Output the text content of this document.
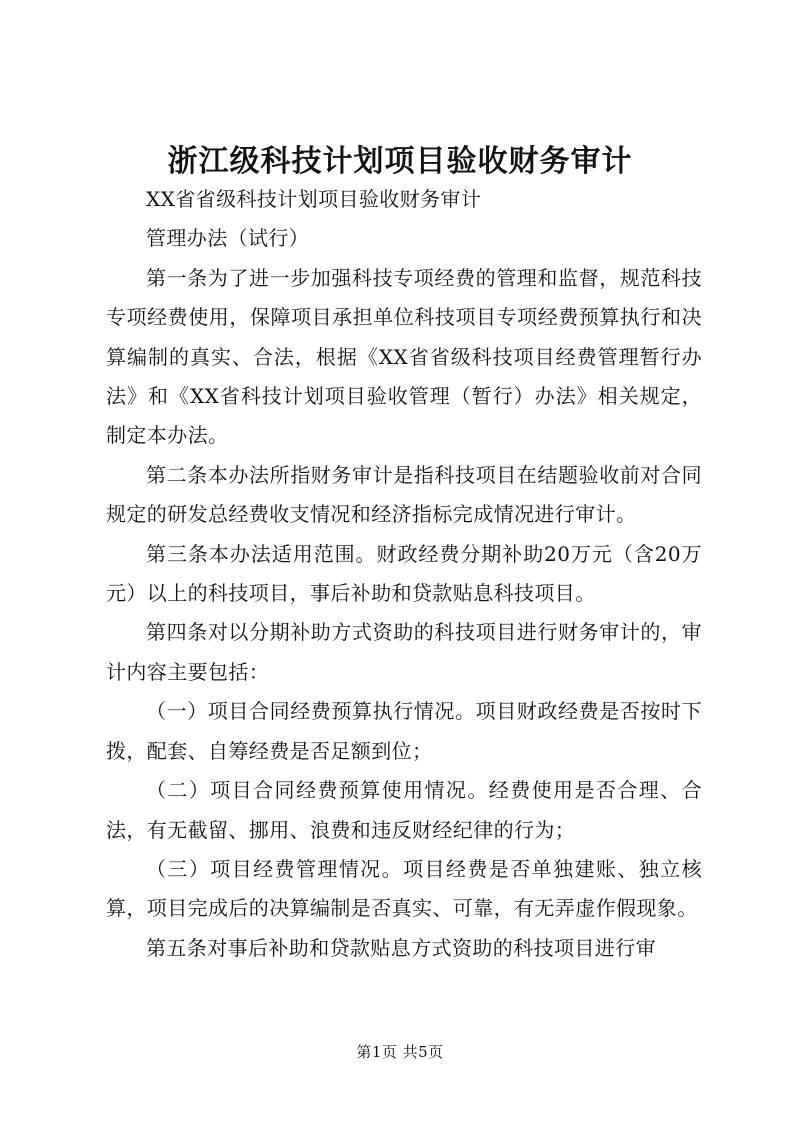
浙江级科技计划项目验收财务审计

XX省省级科技计划项目验收财务审计

管理办法（试行）

第一条为了进一步加强科技专项经费的管理和监督，规范科技专项经费使用，保障项目承担单位科技项目专项经费预算执行和决算编制的真实、合法，根据《XX省省级科技项目经费管理暂行办法》和《XX省科技计划项目验收管理（暂行）办法》相关规定，制定本办法。

第二条本办法所指财务审计是指科技项目在结题验收前对合同规定的研发总经费收支情况和经济指标完成情况进行审计。

第三条本办法适用范围。财政经费分期补助20万元（含20万元）以上的科技项目，事后补助和贷款贴息科技项目。

第四条对以分期补助方式资助的科技项目进行财务审计的，审计内容主要包括：

（一）项目合同经费预算执行情况。项目财政经费是否按时下拨，配套、自筹经费是否足额到位；

（二）项目合同经费预算使用情况。经费使用是否合理、合法，有无截留、挪用、浪费和违反财经纪律的行为；

（三）项目经费管理情况。项目经费是否单独建账、独立核算，项目完成后的决算编制是否真实、可靠，有无弄虚作假现象。

第五条对事后补助和贷款贴息方式资助的科技项目进行审

第1页 共5页
